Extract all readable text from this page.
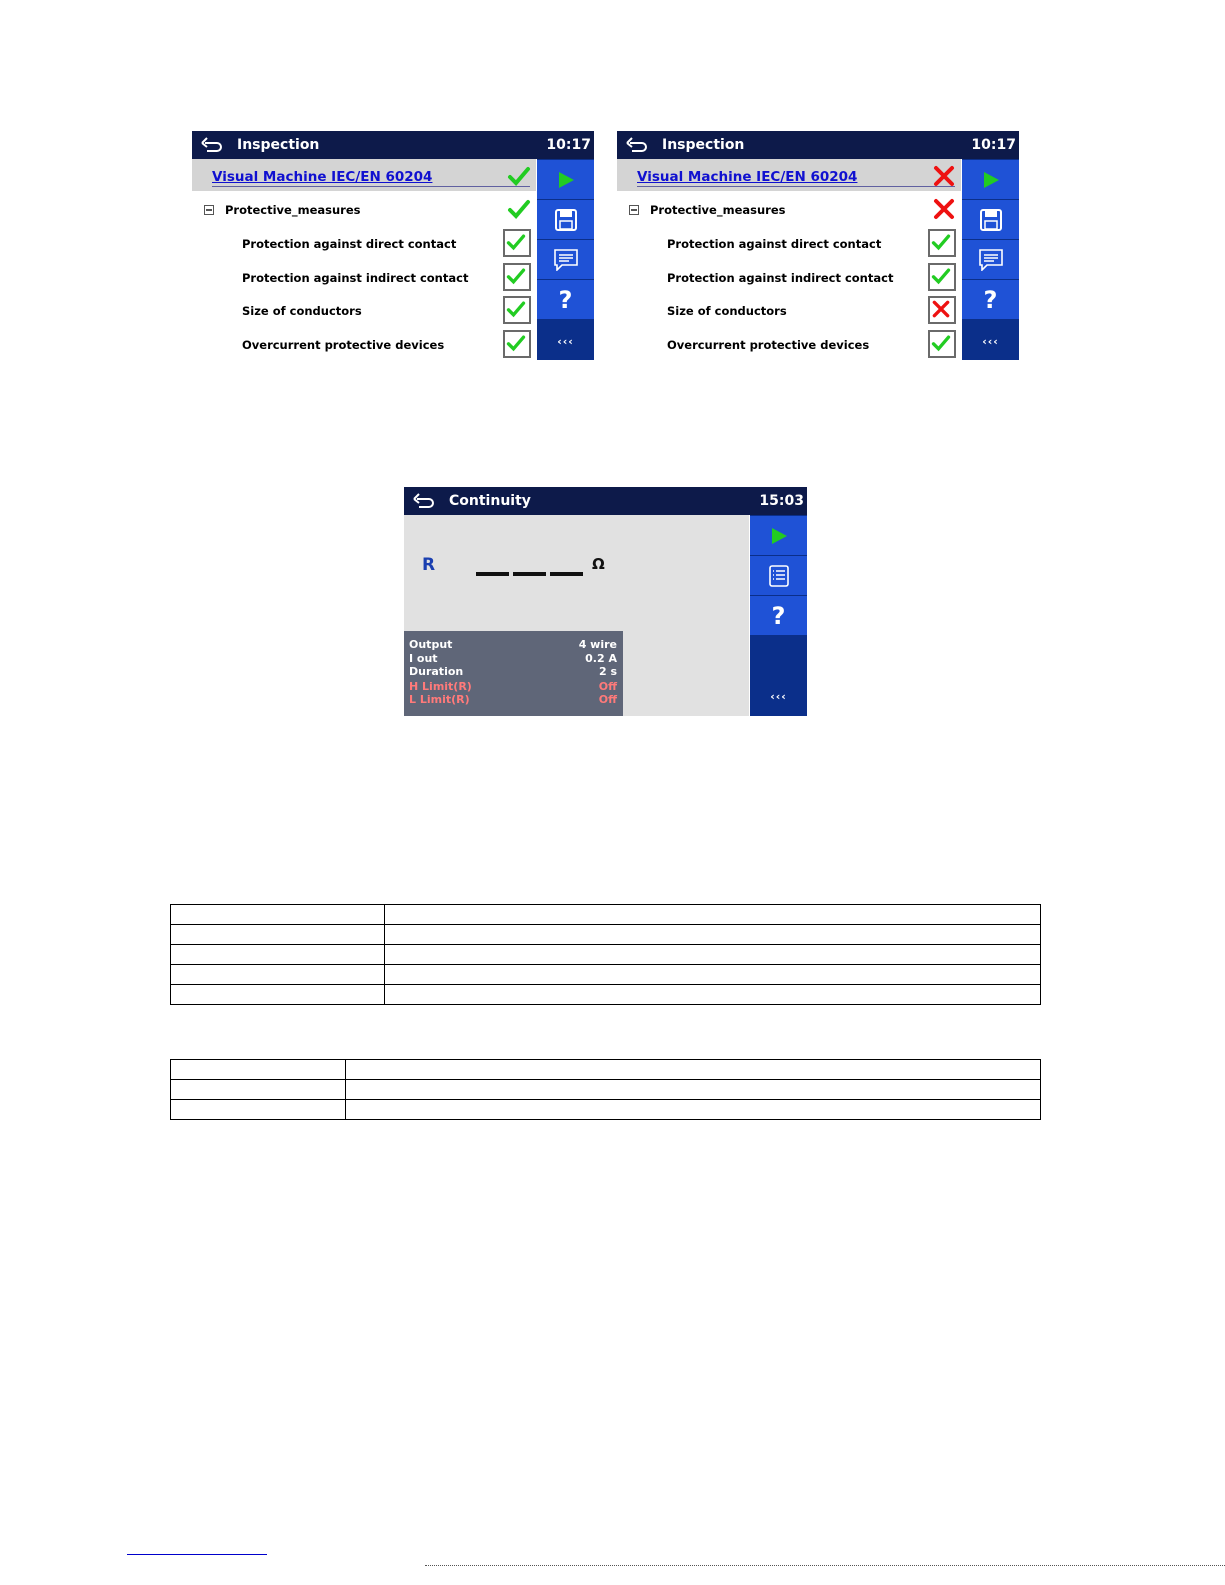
Inspection	10:17
Visual Machine IEC/EN 60204
Protective_measures
Protection against direct contact
Protection against indirect contact
Size of conductors
Overcurrent protective devices
?
‹‹‹
Inspection	10:17
Visual Machine IEC/EN 60204
Protective_measures
Protection against direct contact
Protection against indirect contact
Size of conductors
Overcurrent protective devices
?
‹‹‹
Continuity	15:03
R	Ω
Output	4 wire
I out	0.2 A
Duration	2 s
H Limit(R)	Off
L Limit(R)	Off
?
‹‹‹
